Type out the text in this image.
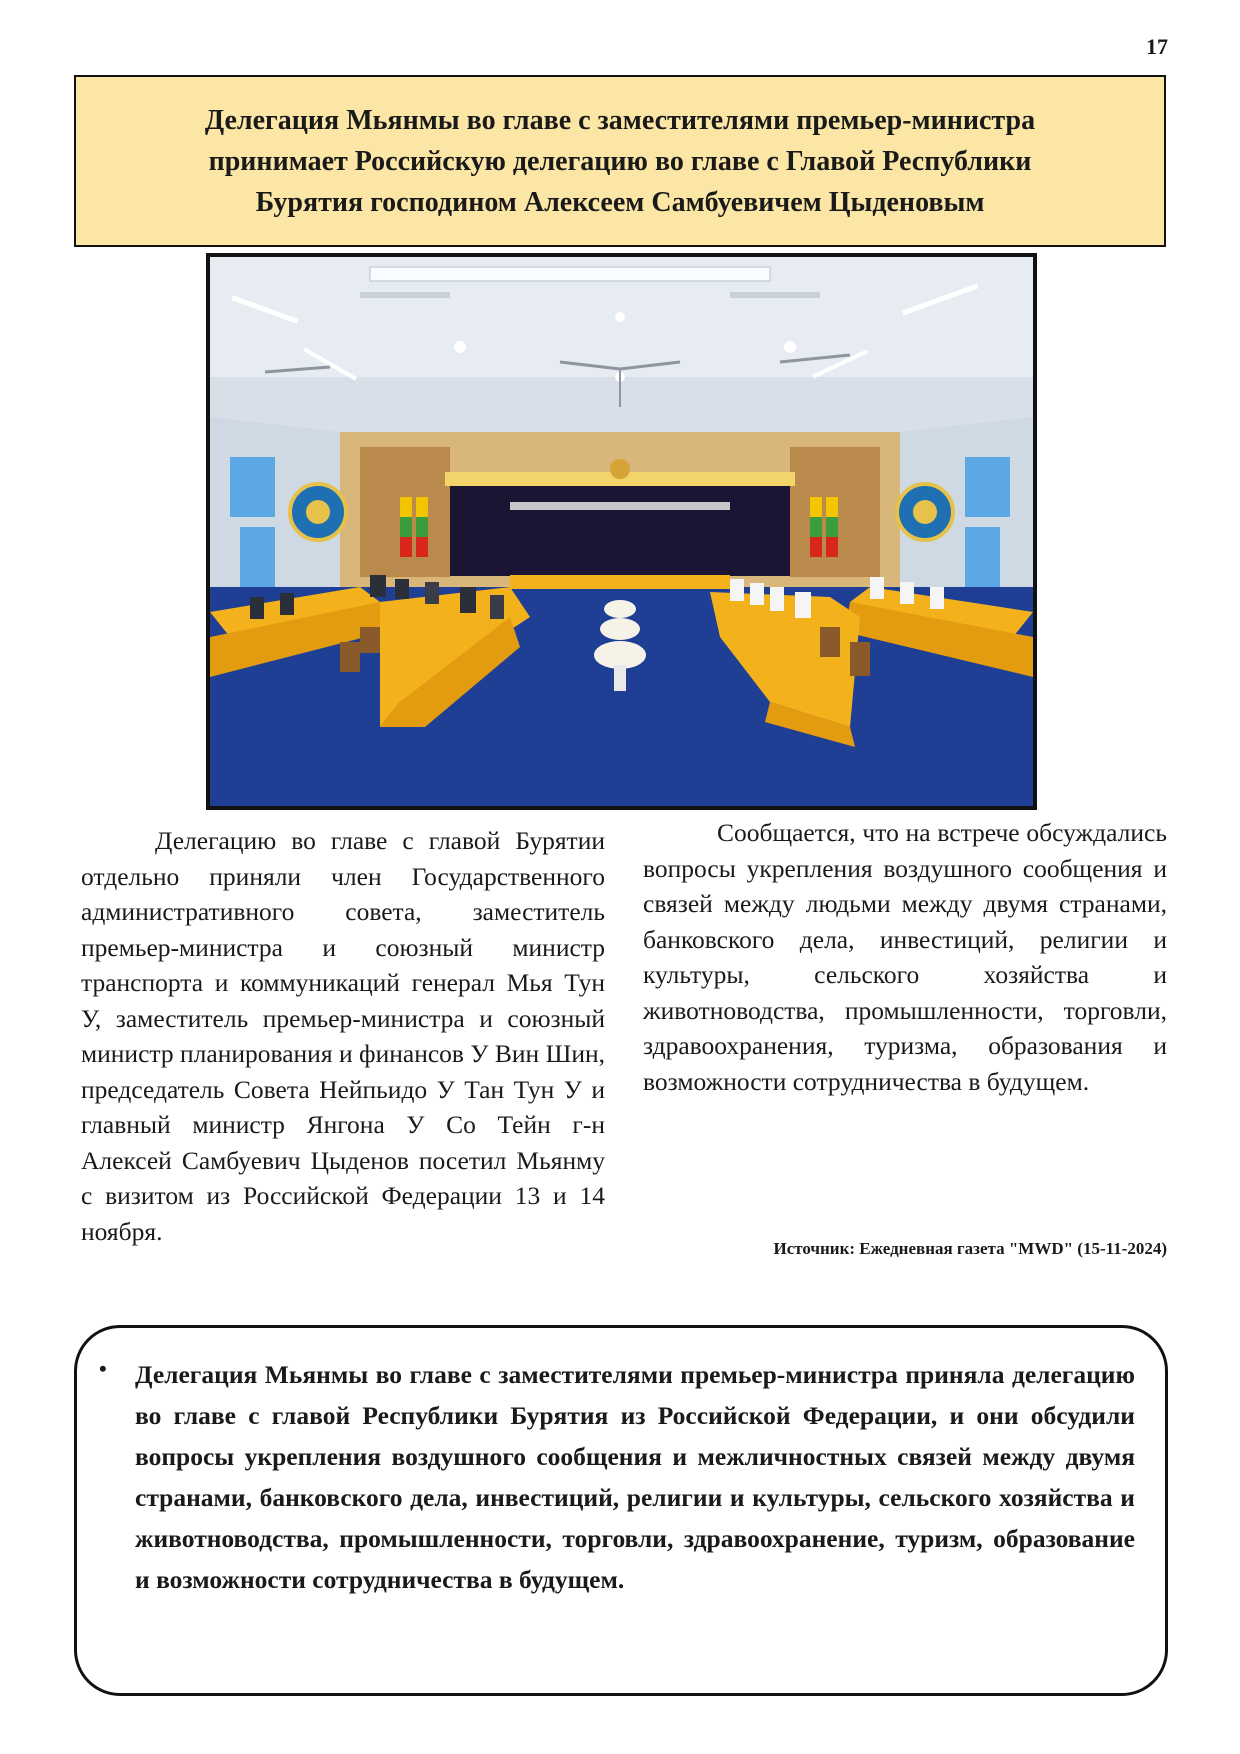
17
Делегация Мьянмы во главе с заместителями премьер-министра
принимает Российскую делегацию во главе с Главой Республики
Бурятия господином Алексеем Самбуевичем Цыденовым

Делегацию во главе с главой Бурятии отдельно приняли член Государственного административного совета, заместитель премьер-министра и союзный министр транспорта и коммуникаций генерал Мья Тун У, заместитель премьер-министра и союзный министр планирования и финансов У Вин Шин, председатель Совета Нейпьидо У Тан Тун У и главный министр Янгона У Со Тейн г-н Алексей Самбуевич Цыденов посетил Мьянму с визитом из Российской Федерации 13 и 14 ноября.

Сообщается, что на встрече обсуждались вопросы укрепления воздушного сообщения и связей между людьми между двумя странами, банковского дела, инвестиций, религии и культуры, сельского хозяйства и животноводства, промышленности, торговли, здравоохранения, туризма, образования и возможности сотрудничества в будущем.

Источник: Ежедневная газета "MWD" (15-11-2024)
• Делегация Мьянмы во главе с заместителями премьер-министра приняла делегацию во главе с главой Республики Бурятия из Российской Федерации, и они обсудили вопросы укрепления воздушного сообщения и межличностных связей между двумя странами, банковского дела, инвестиций, религии и культуры, сельского хозяйства и животноводства, промышленности, торговли, здравоохранение, туризм, образование и возможности сотрудничества в будущем.
